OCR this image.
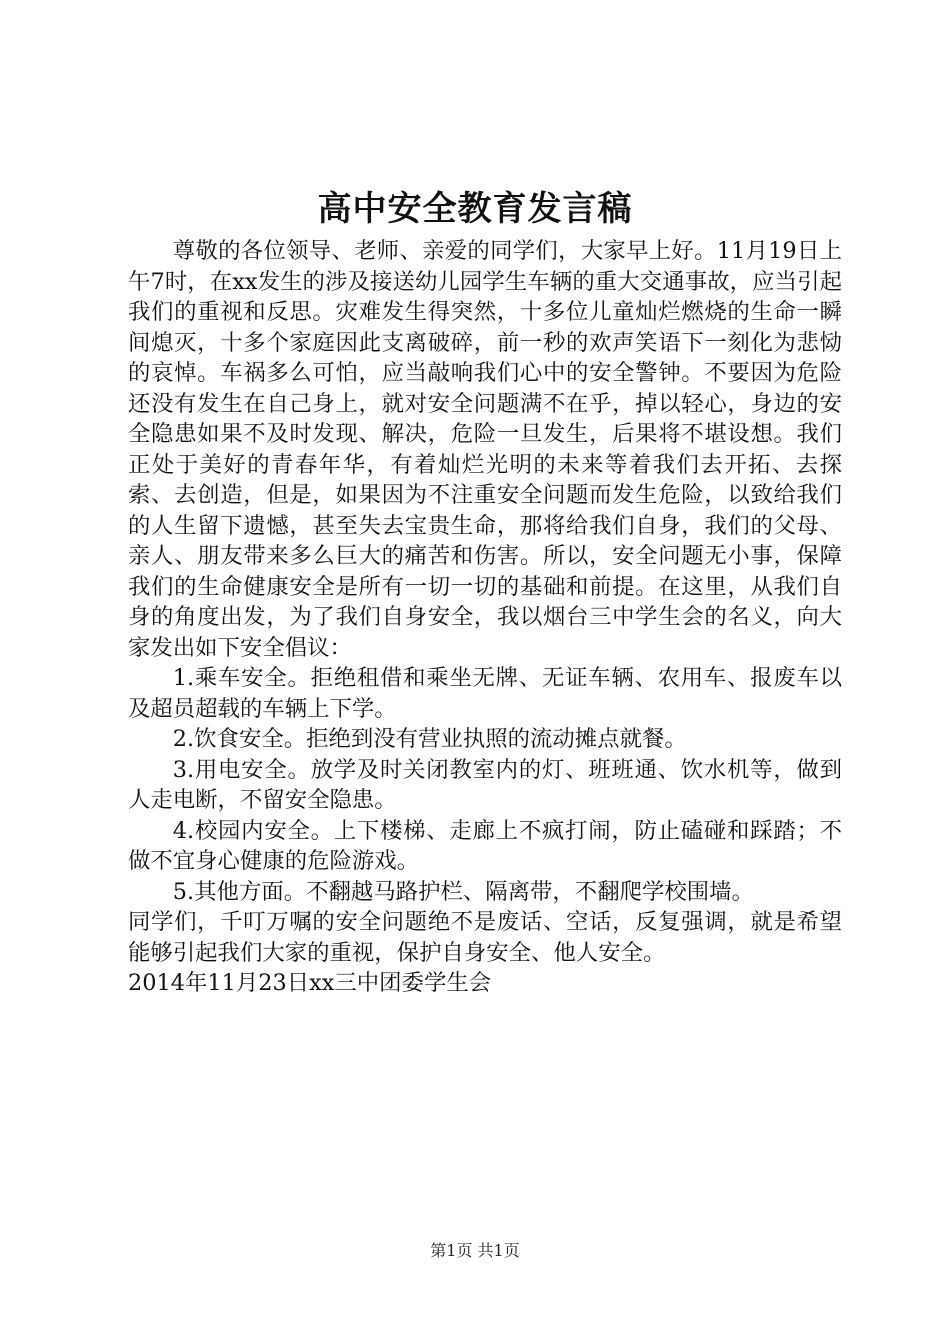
高中安全教育发言稿

尊敬的各位领导、老师、亲爱的同学们，大家早上好。11月19日上午7时，在xx发生的涉及接送幼儿园学生车辆的重大交通事故，应当引起我们的重视和反思。灾难发生得突然，十多位儿童灿烂燃烧的生命一瞬间熄灭，十多个家庭因此支离破碎，前一秒的欢声笑语下一刻化为悲恸的哀悼。车祸多么可怕，应当敲响我们心中的安全警钟。不要因为危险还没有发生在自己身上，就对安全问题满不在乎，掉以轻心，身边的安全隐患如果不及时发现、解决，危险一旦发生，后果将不堪设想。我们正处于美好的青春年华，有着灿烂光明的未来等着我们去开拓、去探索、去创造，但是，如果因为不注重安全问题而发生危险，以致给我们的人生留下遗憾，甚至失去宝贵生命，那将给我们自身，我们的父母、亲人、朋友带来多么巨大的痛苦和伤害。所以，安全问题无小事，保障我们的生命健康安全是所有一切一切的基础和前提。在这里，从我们自身的角度出发，为了我们自身安全，我以烟台三中学生会的名义，向大家发出如下安全倡议：

1.乘车安全。拒绝租借和乘坐无牌、无证车辆、农用车、报废车以及超员超载的车辆上下学。

2.饮食安全。拒绝到没有营业执照的流动摊点就餐。

3.用电安全。放学及时关闭教室内的灯、班班通、饮水机等，做到人走电断，不留安全隐患。

4.校园内安全。上下楼梯、走廊上不疯打闹，防止磕碰和踩踏；不做不宜身心健康的危险游戏。

5.其他方面。不翻越马路护栏、隔离带，不翻爬学校围墙。

同学们，千叮万嘱的安全问题绝不是废话、空话，反复强调，就是希望能够引起我们大家的重视，保护自身安全、他人安全。

2014年11月23日xx三中团委学生会

第1页 共1页
